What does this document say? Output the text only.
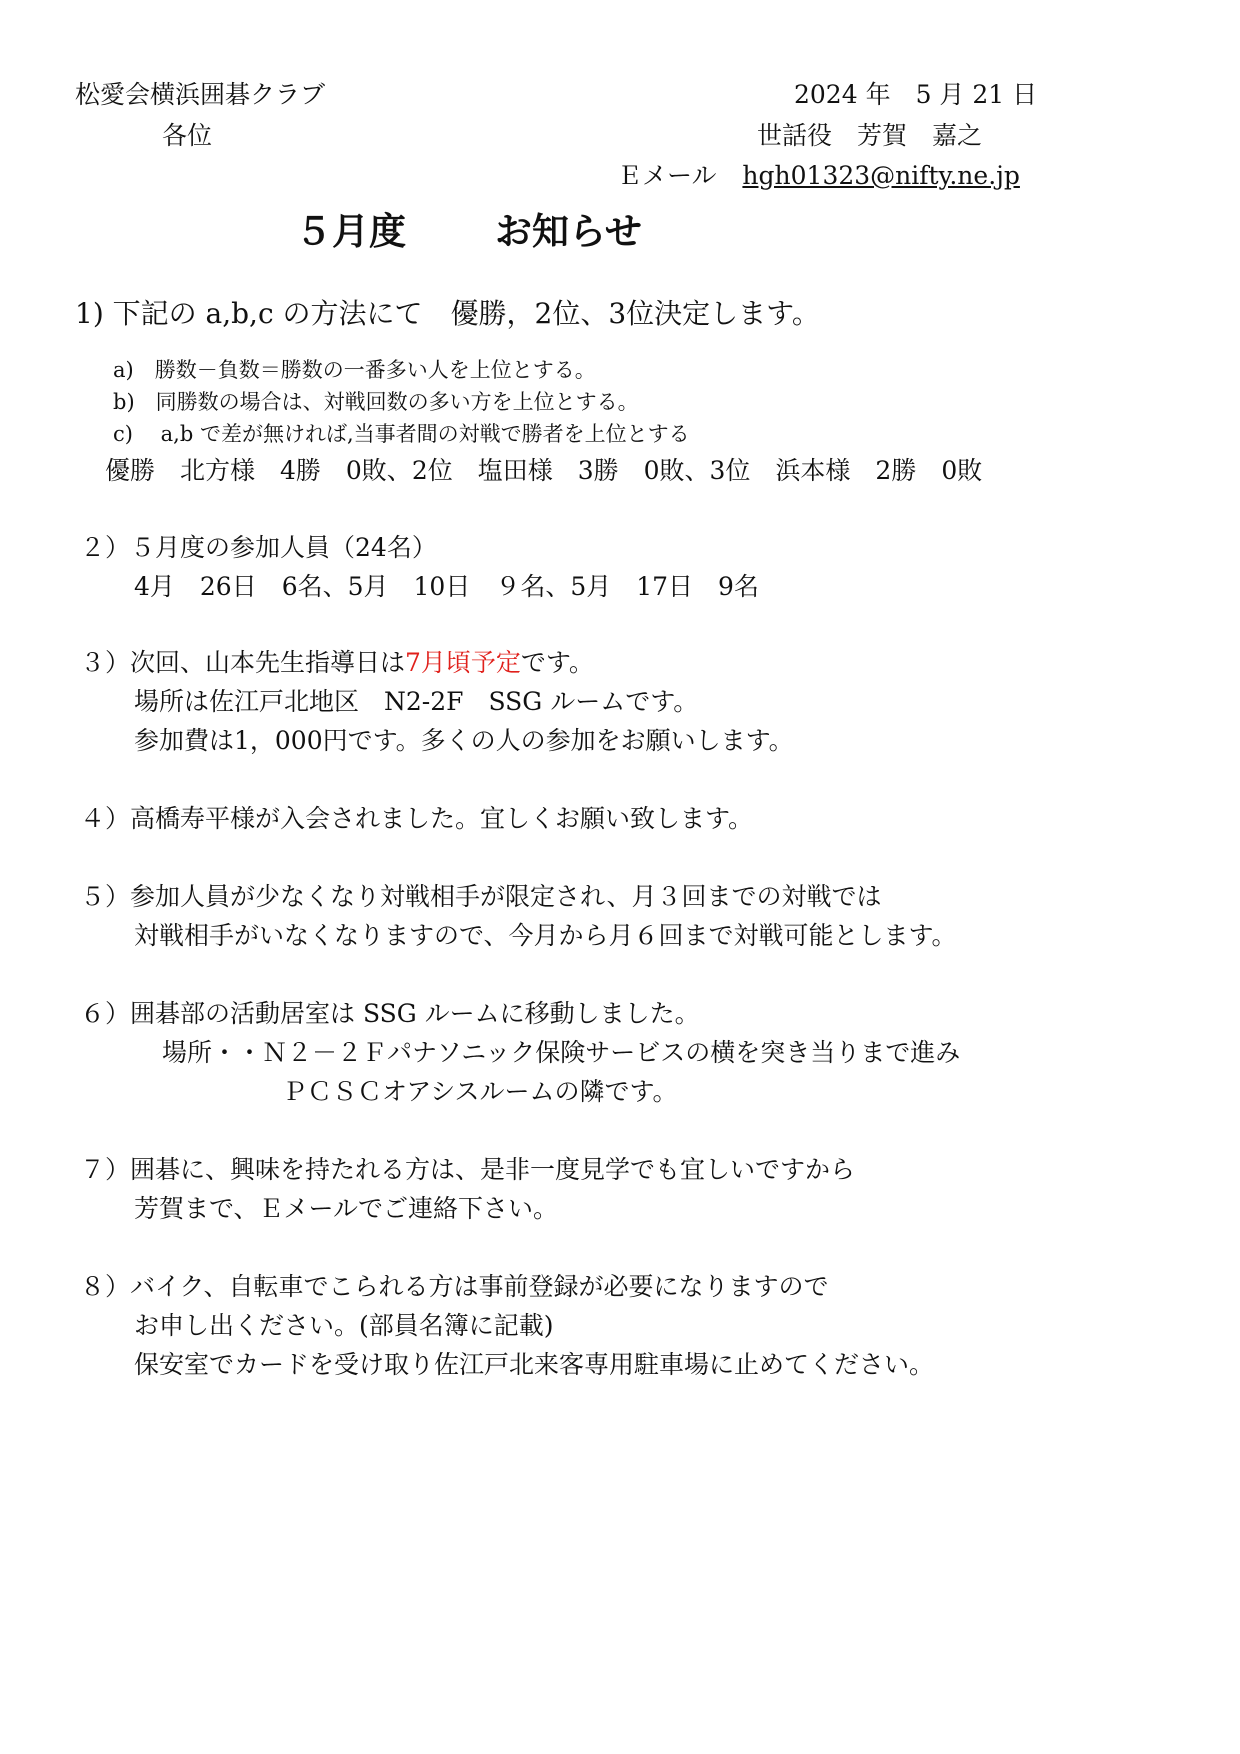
松愛会横浜囲碁クラブ	2024 年　5 月 21 日
各位	世話役　芳賀　嘉之
Ｅメール hgh01323@nifty.ne.jp
５月度 お知らせ
1) 下記の a,b,c の方法にて　優勝，2位、3位決定します。
a)　勝数－負数＝勝数の一番多い人を上位とする。
b)　同勝数の場合は、対戦回数の多い方を上位とする。
c)　 a,b で差が無ければ,当事者間の対戦で勝者を上位とする
優勝　北方様　4勝　0敗、2位　塩田様　3勝　0敗、3位　浜本様　2勝　0敗
２）５月度の参加人員（24名）
4月　26日　6名、5月　10日　９名、5月　17日　9名
３）次回、山本先生指導日は7月頃予定です。
場所は佐江戸北地区　N2-2F　SSG ルームです。
参加費は1，000円です。多くの人の参加をお願いします。
４）高橋寿平様が入会されました。宜しくお願い致します。
５）参加人員が少なくなり対戦相手が限定され、月３回までの対戦では
対戦相手がいなくなりますので、今月から月６回まで対戦可能とします。
６）囲碁部の活動居室は SSG ルームに移動しました。
場所・・Ｎ２－２Ｆパナソニック保険サービスの横を突き当りまで進み
ＰＣＳＣオアシスルームの隣です。
７）囲碁に、興味を持たれる方は、是非一度見学でも宜しいですから
芳賀まで、Ｅメールでご連絡下さい。
８）バイク、自転車でこられる方は事前登録が必要になりますので
お申し出ください。(部員名簿に記載)
保安室でカードを受け取り佐江戸北来客専用駐車場に止めてください。
